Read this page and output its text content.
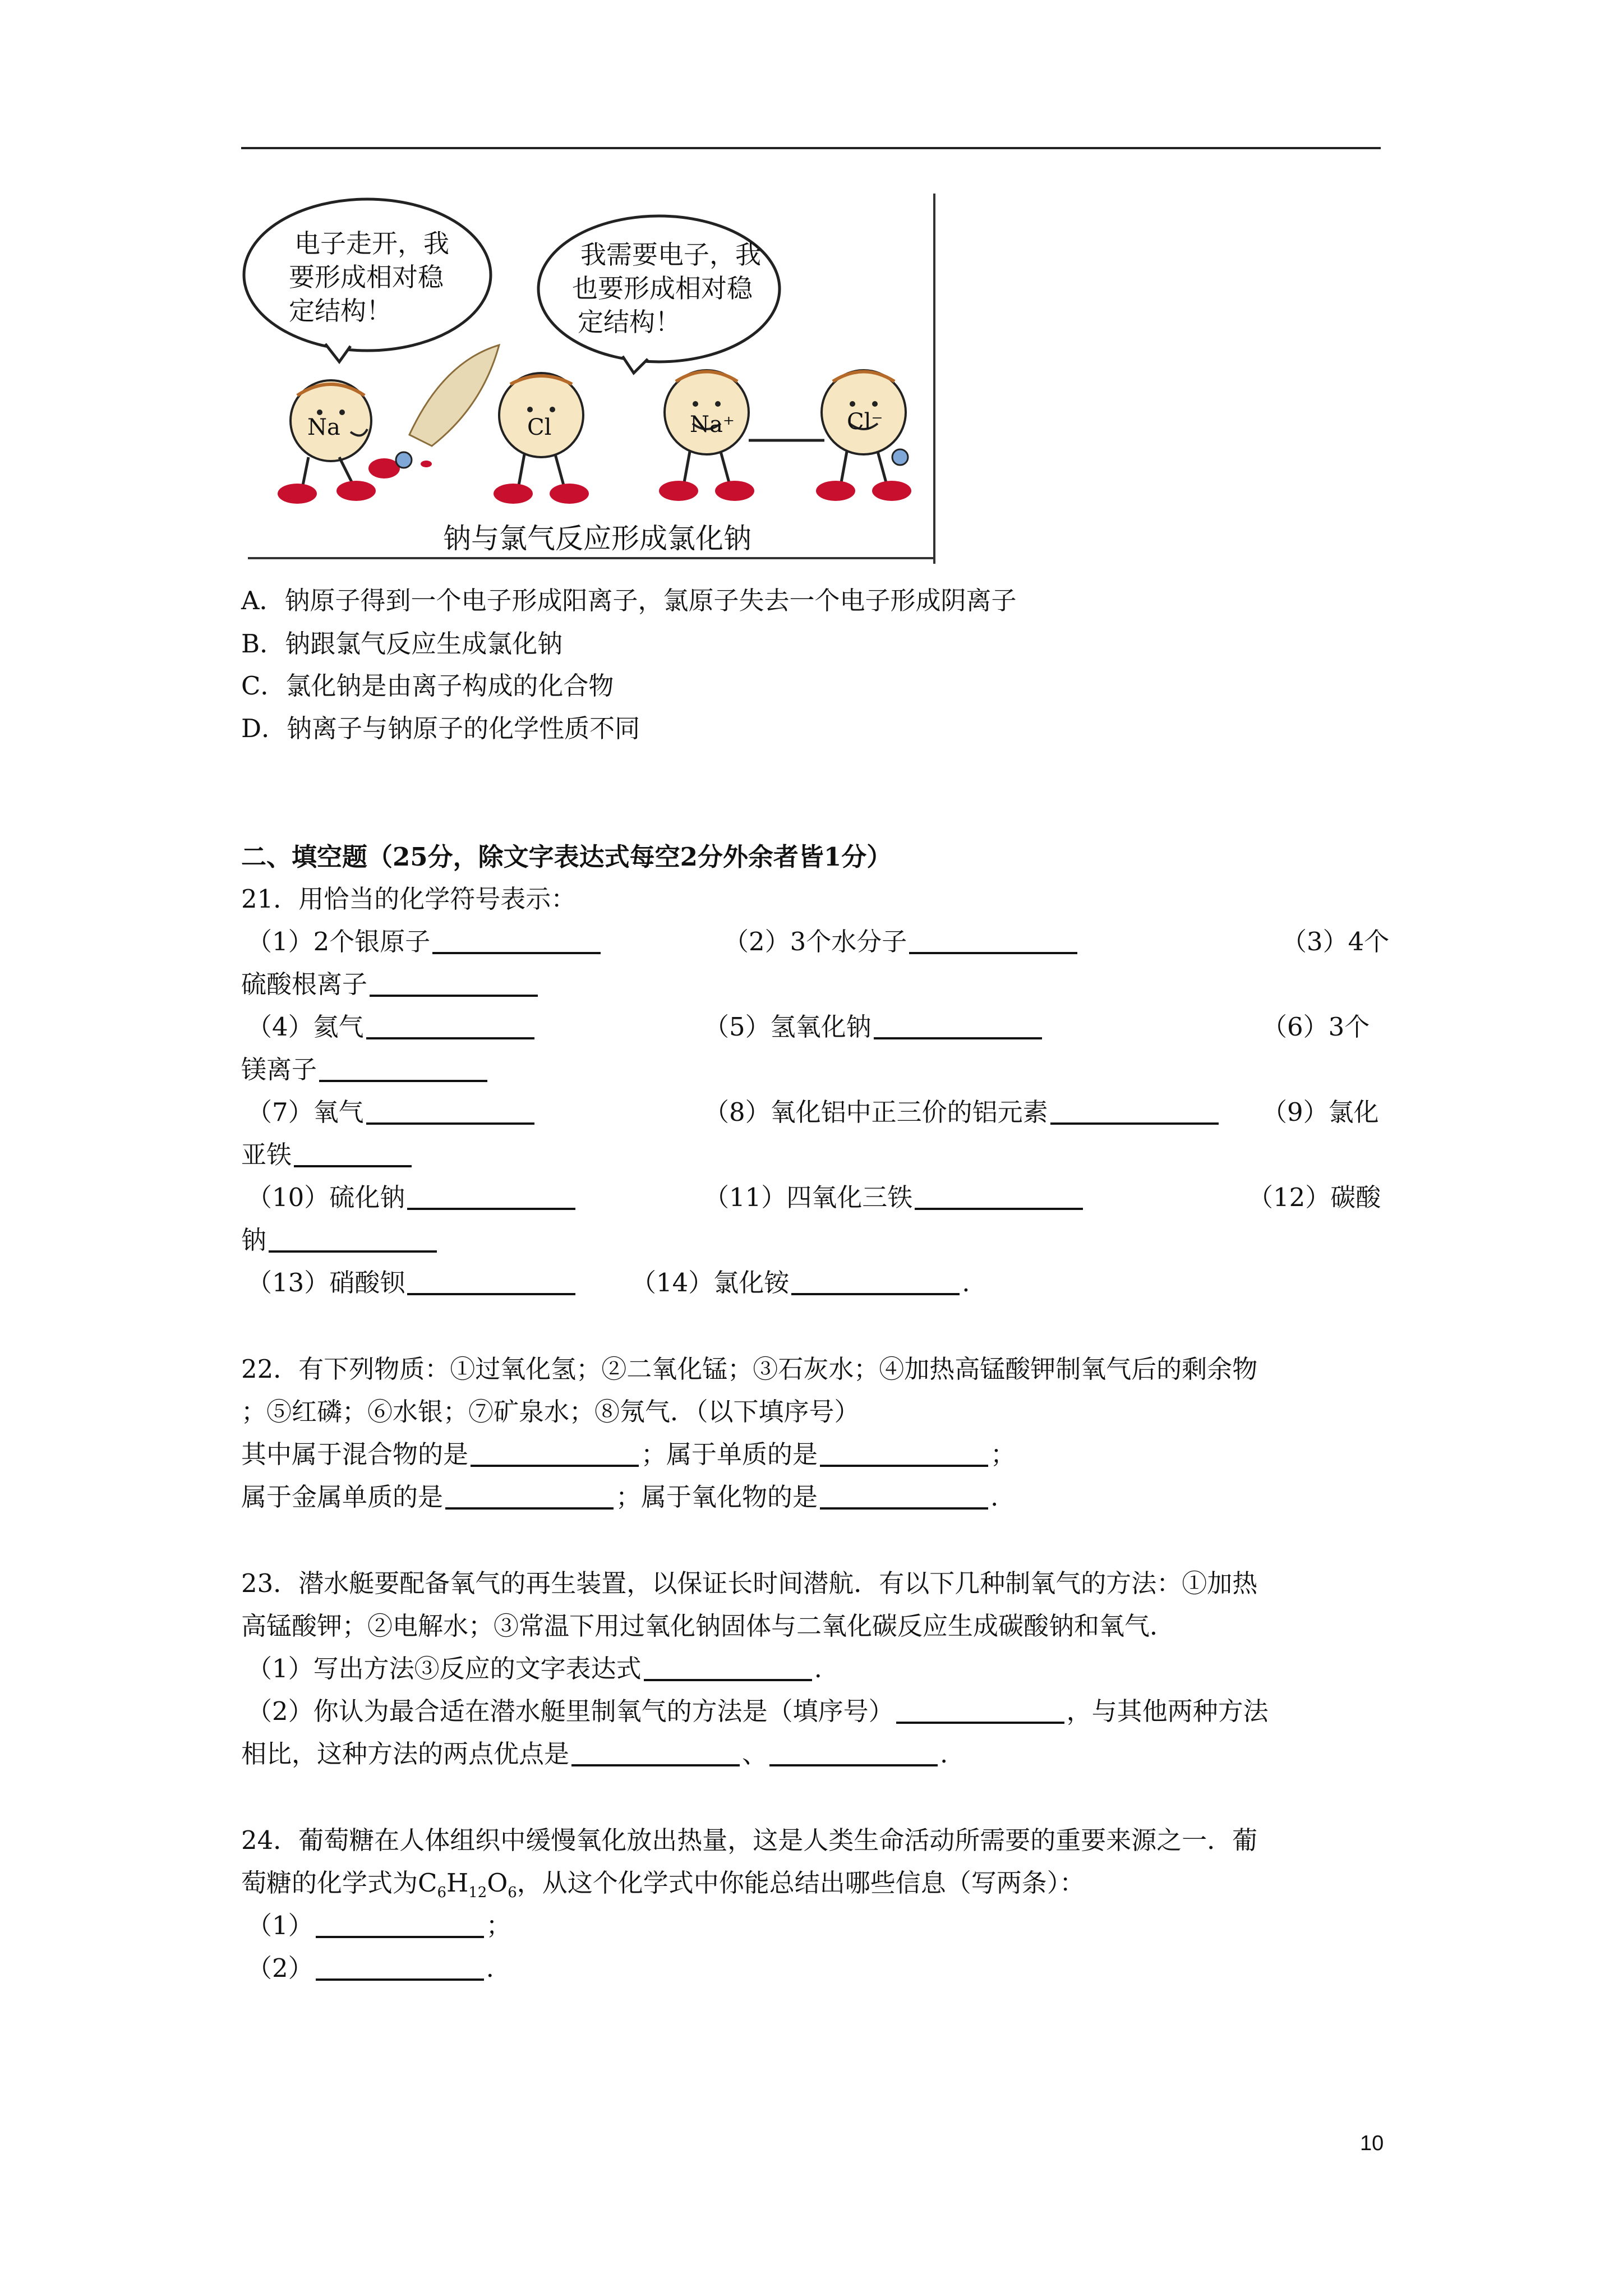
电子走开，我
要形成相对稳
定结构！
我需要电子，我
也要形成相对稳
定结构！
Na	Cl	Na⁺	Cl⁻
钠与氯气反应形成氯化钠
A．钠原子得到一个电子形成阳离子，氯原子失去一个电子形成阴离子
B．钠跟氯气反应生成氯化钠
C．氯化钠是由离子构成的化合物
D．钠离子与钠原子的化学性质不同
二、填空题（25分，除文字表达式每空2分外余者皆1分）
21．用恰当的化学符号表示：
（1）2个银原子	（2）3个水分子	（3）4个
硫酸根离子
（4）氦气	（5）氢氧化钠	（6）3个
镁离子
（7）氧气	（8）氧化铝中正三价的铝元素	（9）氯化
亚铁
（10）硫化钠	（11）四氧化三铁	（12）碳酸
钠
（13）硝酸钡	（14）氯化铵	.
22．有下列物质：①过氧化氢；②二氧化锰；③石灰水；④加热高锰酸钾制氧气后的剩余物
；⑤红磷；⑥水银；⑦矿泉水；⑧氖气．（以下填序号）
其中属于混合物的是	；属于单质的是	；
属于金属单质的是	；属于氧化物的是	.
23．潜水艇要配备氧气的再生装置，以保证长时间潜航．有以下几种制氧气的方法：①加热
高锰酸钾；②电解水；③常温下用过氧化钠固体与二氧化碳反应生成碳酸钠和氧气．
（1）写出方法③反应的文字表达式	.
（2）你认为最合适在潜水艇里制氧气的方法是（填序号）	，与其他两种方法
相比，这种方法的两点优点是	、	.
24．葡萄糖在人体组织中缓慢氧化放出热量，这是人类生命活动所需要的重要来源之一．葡
萄糖的化学式为$C_6H_{12}O_6$，从这个化学式中你能总结出哪些信息（写两条）：
（1）	；
（2）	.
10
